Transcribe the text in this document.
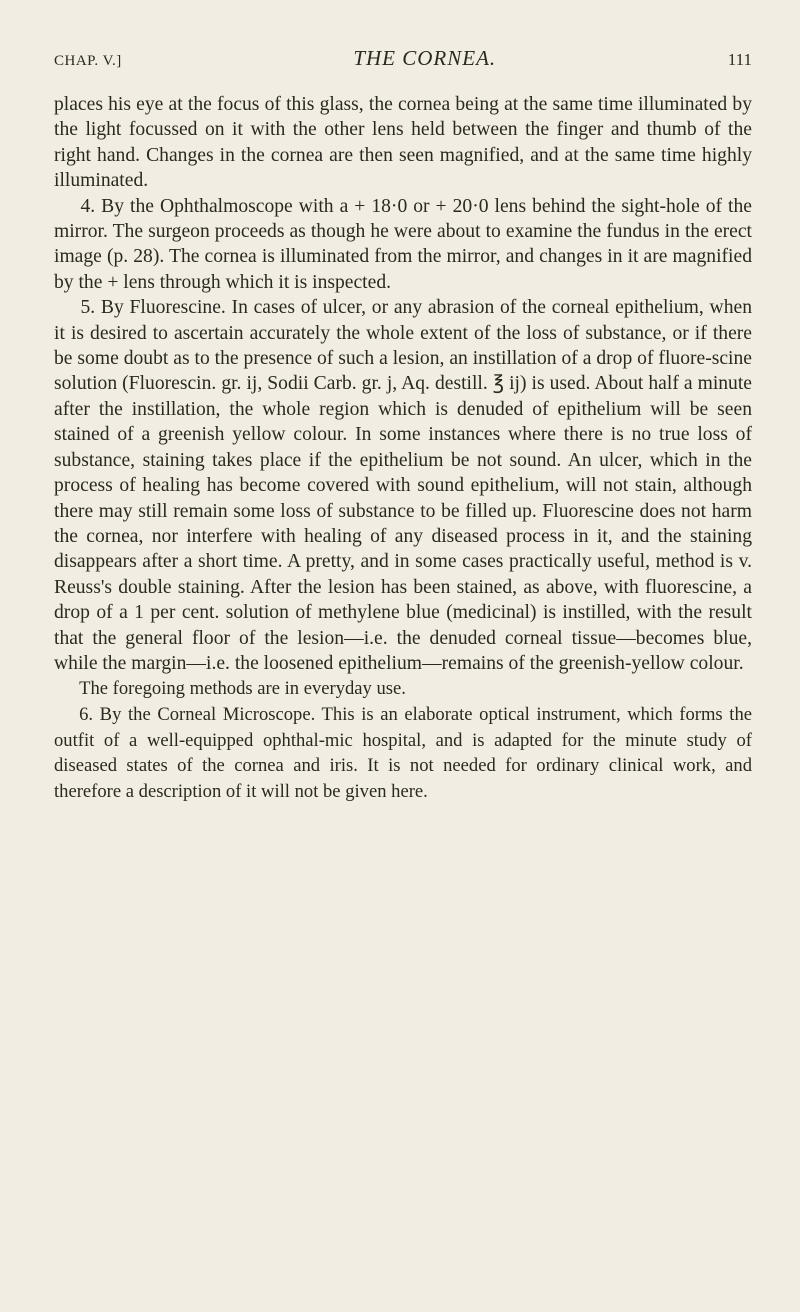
CHAP. V.]	THE CORNEA.	111

places his eye at the focus of this glass, the cornea being at the same time illuminated by the light focussed on it with the other lens held between the finger and thumb of the right hand. Changes in the cornea are then seen magnified, and at the same time highly illuminated.

4. By the Ophthalmoscope with a + 18·0 or + 20·0 lens behind the sight-hole of the mirror. The surgeon proceeds as though he were about to examine the fundus in the erect image (p. 28). The cornea is illuminated from the mirror, and changes in it are magnified by the + lens through which it is inspected.

5. By Fluorescine. In cases of ulcer, or any abrasion of the corneal epithelium, when it is desired to ascertain accurately the whole extent of the loss of substance, or if there be some doubt as to the presence of such a lesion, an instillation of a drop of fluore-scine solution (Fluorescin. gr. ij, Sodii Carb. gr. j, Aq. destill. ℥ ij) is used. About half a minute after the instillation, the whole region which is denuded of epithelium will be seen stained of a greenish yellow colour. In some instances where there is no true loss of substance, staining takes place if the epithelium be not sound. An ulcer, which in the process of healing has become covered with sound epithelium, will not stain, although there may still remain some loss of substance to be filled up. Fluorescine does not harm the cornea, nor interfere with healing of any diseased process in it, and the staining disappears after a short time. A pretty, and in some cases practically useful, method is v. Reuss's double staining. After the lesion has been stained, as above, with fluorescine, a drop of a 1 per cent. solution of methylene blue (medicinal) is instilled, with the result that the general floor of the lesion—i.e. the denuded corneal tissue—becomes blue, while the margin—i.e. the loosened epithelium—remains of the greenish-yellow colour.

The foregoing methods are in everyday use.

6. By the Corneal Microscope. This is an elaborate optical instrument, which forms the outfit of a well-equipped ophthal-mic hospital, and is adapted for the minute study of diseased states of the cornea and iris. It is not needed for ordinary clinical work, and therefore a description of it will not be given here.
